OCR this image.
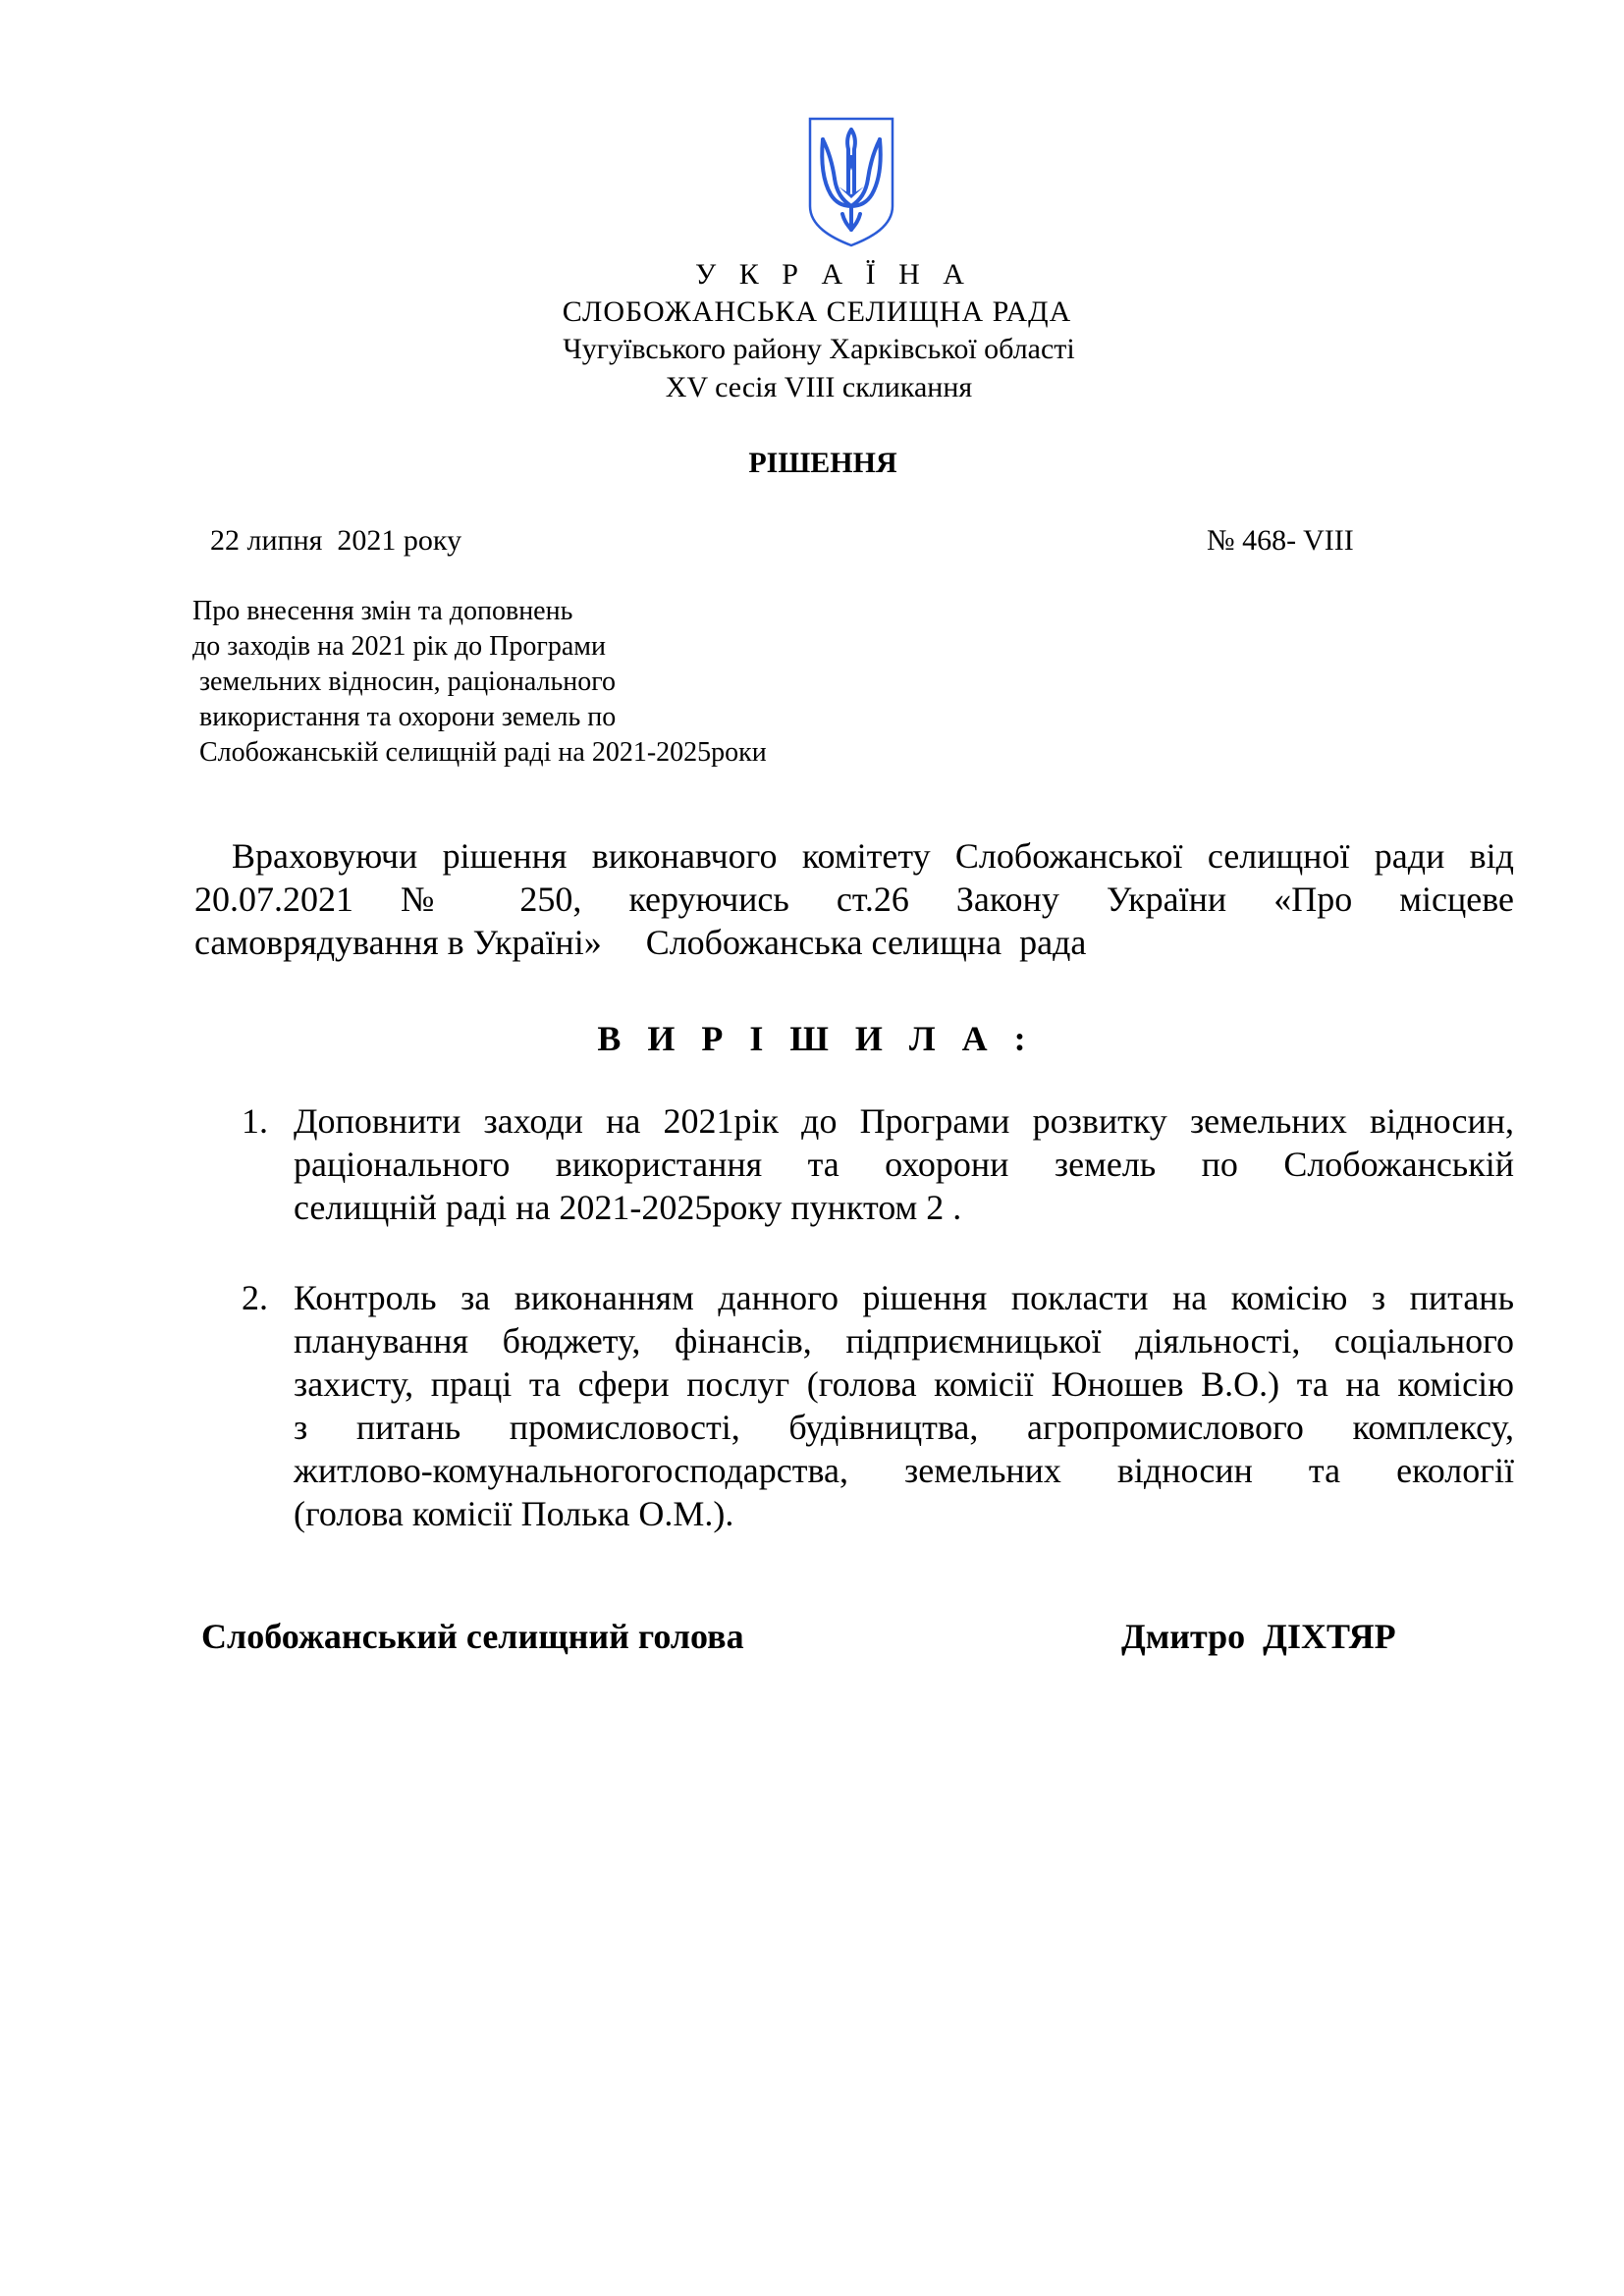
У К Р А Ї Н А
СЛОБОЖАНСЬКА СЕЛИЩНА РАДА
Чугуївського району Харківської області
XV сесія VIII скликання
РІШЕННЯ
22 липня  2021 року	№ 468- VIII
Про внесення змін та доповнень
до заходів на 2021 рік до Програми
земельних відносин, раціонального
використання та охорони земель по
Слобожанській селищній раді на 2021-2025роки
Враховуючи рішення виконавчого комітету Слобожанської селищної ради від
20.07.2021 № 250, керуючись ст.26 Закону України «Про місцеве
самоврядування в Україні»     Слобожанська селищна  рада
В И Р І Ш И Л А :
1. Доповнити заходи на 2021рік до Програми розвитку земельних відносин,
раціонального використання та охорони земель по Слобожанській
селищній раді на 2021-2025року пунктом 2 .
2. Контроль за виконанням данного рішення покласти на комісію з питань
планування бюджету, фінансів, підприємницької діяльності, соціального
захисту, праці та сфери послуг (голова комісії Юношев В.О.) та на комісію
з питань промисловості, будівництва, агропромислового комплексу,
житлово-комунальногогосподарства, земельних відносин та екології
(голова комісії Полька О.М.).
Слобожанський селищний голова	Дмитро  ДІХТЯР
